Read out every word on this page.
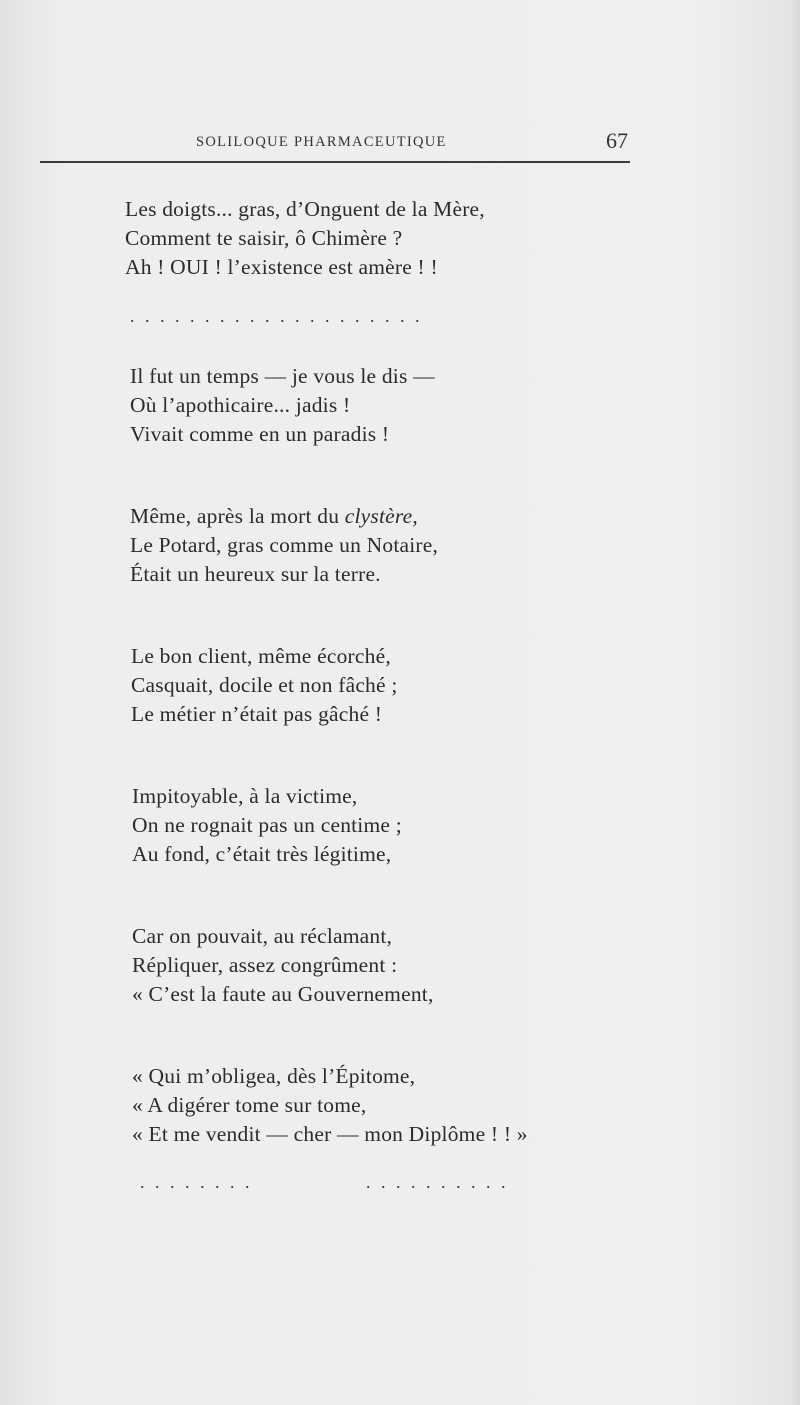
SOLILOQUE PHARMACEUTIQUE	67
Les doigts... gras, d’Onguent de la Mère,
Comment te saisir, ô Chimère ?
Ah ! OUI ! l’existence est amère ! !
....................
Il fut un temps — je vous le dis —
Où l’apothicaire... jadis !
Vivait comme en un paradis !
Même, après la mort du clystère,
Le Potard, gras comme un Notaire,
Était un heureux sur la terre.
Le bon client, même écorché,
Casquait, docile et non fâché ;
Le métier n’était pas gâché !
Impitoyable, à la victime,
On ne rognait pas un centime ;
Au fond, c’était très légitime,
Car on pouvait, au réclamant,
Répliquer, assez congrûment :
« C’est la faute au Gouvernement,
« Qui m’obligea, dès l’Épitome,
« A digérer tome sur tome,
« Et me vendit — cher — mon Diplôme ! ! »
........	..........
